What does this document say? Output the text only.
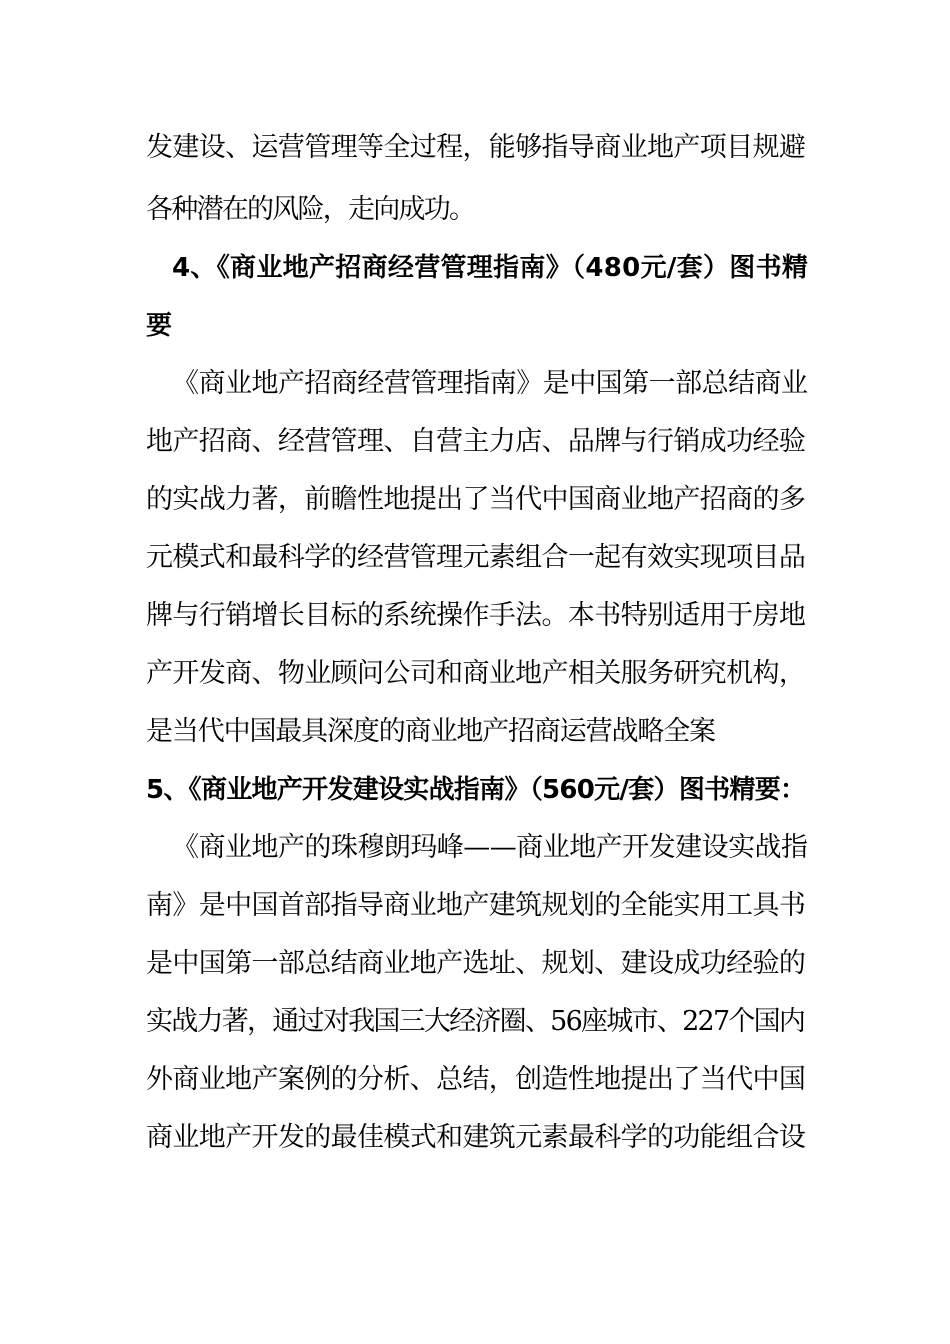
发建设、运营管理等全过程，能够指导商业地产项目规避
各种潜在的风险，走向成功。
4、《商业地产招商经营管理指南》（480元/套）图书精
要
《商业地产招商经营管理指南》是中国第一部总结商业
地产招商、经营管理、自营主力店、品牌与行销成功经验
的实战力著，前瞻性地提出了当代中国商业地产招商的多
元模式和最科学的经营管理元素组合一起有效实现项目品
牌与行销增长目标的系统操作手法。本书特别适用于房地
产开发商、物业顾问公司和商业地产相关服务研究机构，
是当代中国最具深度的商业地产招商运营战略全案
5、《商业地产开发建设实战指南》（560元/套）图书精要：
《商业地产的珠穆朗玛峰——商业地产开发建设实战指
南》是中国首部指导商业地产建筑规划的全能实用工具书
是中国第一部总结商业地产选址、规划、建设成功经验的
实战力著，通过对我国三大经济圈、56座城市、227个国内
外商业地产案例的分析、总结，创造性地提出了当代中国
商业地产开发的最佳模式和建筑元素最科学的功能组合设
